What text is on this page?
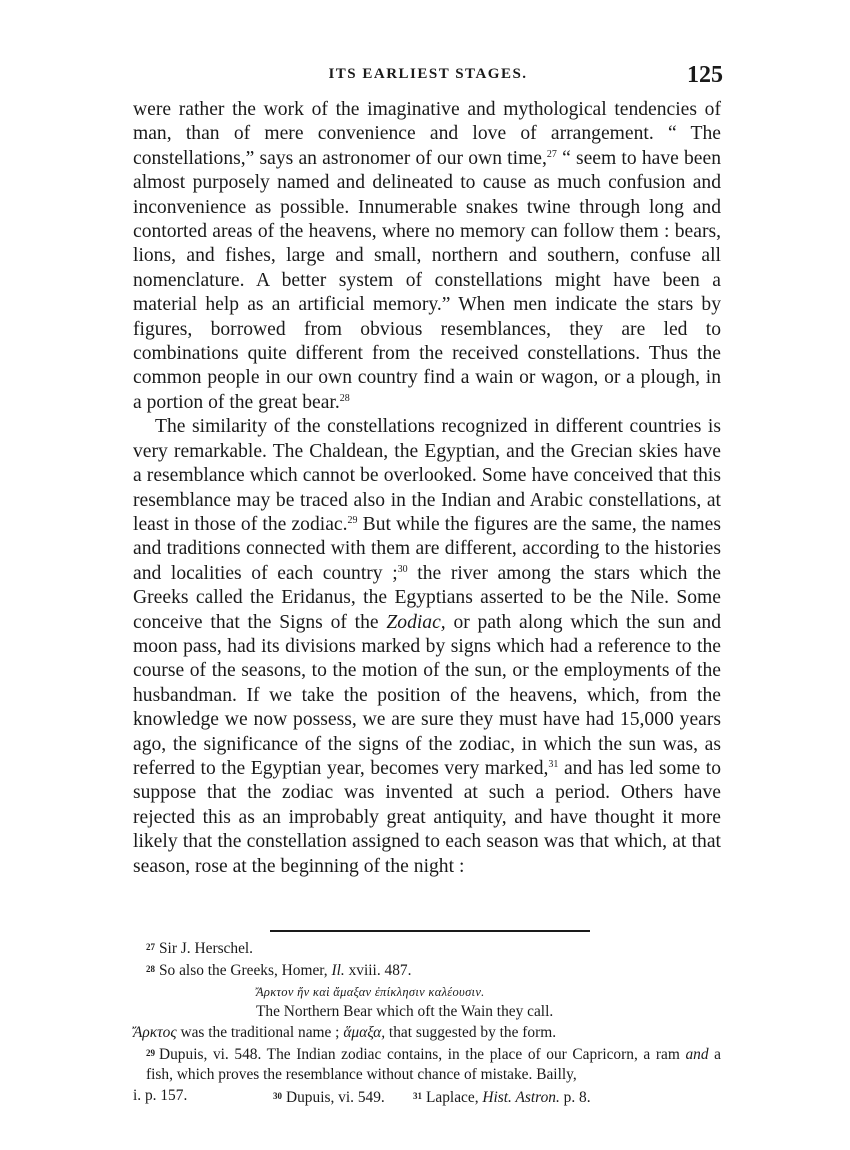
ITS EARLIEST STAGES.	125

were rather the work of the imaginative and mythological tendencies of man, than of mere convenience and love of arrangement. “ The constellations,” says an astronomer of our own time,$^{27}$ “ seem to have been almost purposely named and delineated to cause as much confusion and inconvenience as possible. Innumerable snakes twine through long and contorted areas of the heavens, where no memory can follow them : bears, lions, and fishes, large and small, northern and southern, confuse all nomenclature. A better system of constellations might have been a material help as an artificial memory.” When men indicate the stars by figures, borrowed from obvious resemblances, they are led to combinations quite different from the received constellations. Thus the common people in our own country find a wain or wagon, or a plough, in a portion of the great bear.$^{28}$

The similarity of the constellations recognized in different countries is very remarkable. The Chaldean, the Egyptian, and the Grecian skies have a resemblance which cannot be overlooked. Some have conceived that this resemblance may be traced also in the Indian and Arabic constellations, at least in those of the zodiac.$^{29}$ But while the figures are the same, the names and traditions connected with them are different, according to the histories and localities of each country ;$^{30}$ the river among the stars which the Greeks called the Eridanus, the Egyptians asserted to be the Nile. Some conceive that the Signs of the Zodiac, or path along which the sun and moon pass, had its divisions marked by signs which had a reference to the course of the seasons, to the motion of the sun, or the employments of the husbandman. If we take the position of the heavens, which, from the knowledge we now possess, we are sure they must have had 15,000 years ago, the significance of the signs of the zodiac, in which the sun was, as referred to the Egyptian year, becomes very marked,$^{31}$ and has led some to suppose that the zodiac was invented at such a period. Others have rejected this as an improbably great antiquity, and have thought it more likely that the constellation assigned to each season was that which, at that season, rose at the beginning of the night :

27 Sir J. Herschel.
28 So also the Greeks, Homer, Il. xviii. 487.
Ἄρκτον ἥν καὶ ἄμαξαν ἐπίκλησιν καλέουσιν.
The Northern Bear which oft the Wain they call.
Ἄρκτος was the traditional name ; ἅμαξα, that suggested by the form.
29 Dupuis, vi. 548. The Indian zodiac contains, in the place of our Capricorn, a ram and a fish, which proves the resemblance without chance of mistake. Bailly,
i. p. 157.	30 Dupuis, vi. 549.	31 Laplace, Hist. Astron. p. 8.
